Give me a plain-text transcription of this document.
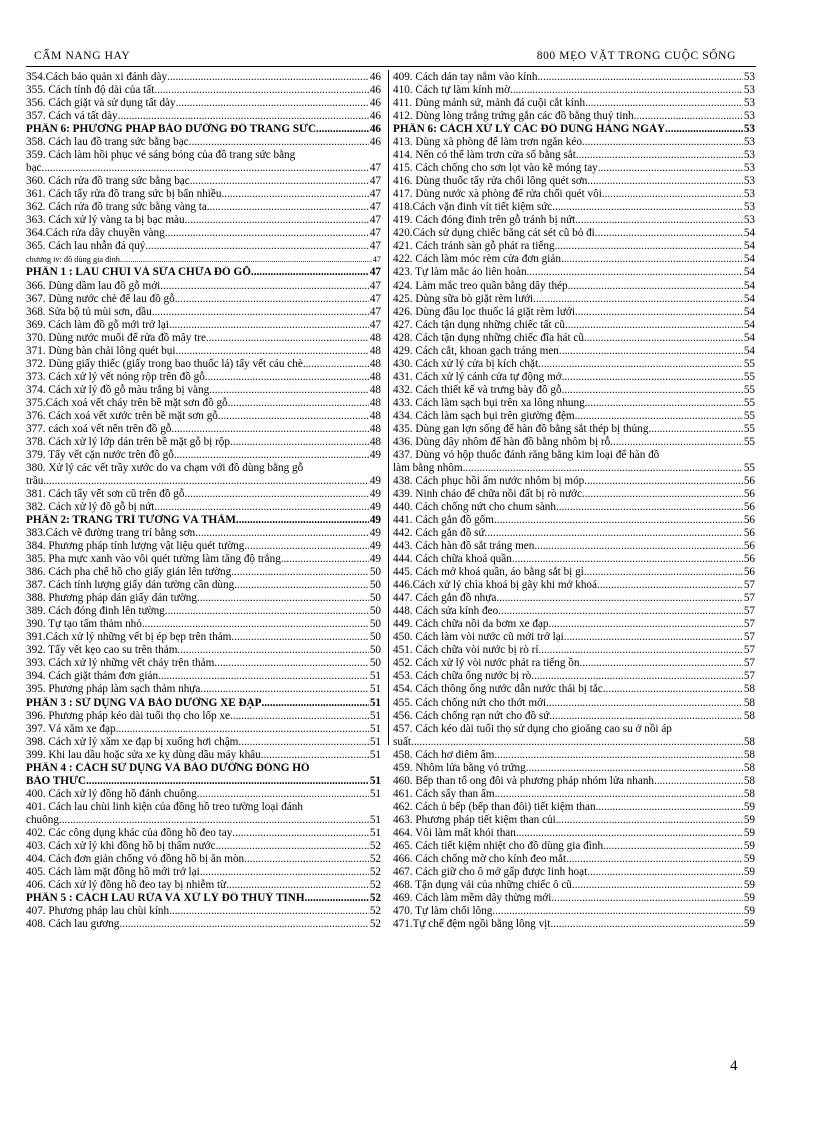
CẨM NANG HAY	800 MẸO VẶT TRONG CUỘC SỐNG
354.Cách bảo quản xi đánh dày .....	46
355. Cách tính độ dài của tất .....	46
356. Cách giặt và sử dụng tất dày .....	46
357. Cách vá tất dày .....	46
PHẦN 6: PHƯƠNG PHÁP BẢO DƯỠNG ĐỒ TRANG SỨC .....	46
358. Cách lau đồ trang sức bằng bạc .....	46
359. Cách làm hồi phục vẻ sáng bóng của đồ trang sức bằng
bạc .....	47
360. Cách rửa đồ trang sức bằng bạc .....	47
361. Cách tẩy rửa đồ trang sức bị bẩn nhiều .....	47
362. Cách rửa đồ trang sức bằng vàng ta .....	47
363. Cách xử lý vàng ta bị bạc màu .....	47
364.Cách rửa dây chuyền vàng .....	47
365. Cách lau nhẫn đá quý .....	47
chương iv: đồ dùng gia đình .....	47
PHẦN 1 : LAU CHÙI VÀ SỬA CHỮA ĐỒ GỖ .....	47
366. Dùng dầm lau đồ gỗ mới .....	47
367. Dùng nước chè để lau đồ gỗ .....	47
368. Sửa bộ tủ mùi sơn, dầu .....	47
369. Cách làm đồ gỗ mới trở lại .....	47
370. Dùng nước muối để rửa đồ mây tre .....	48
371. Dùng bàn chải lông quét bụi .....	48
372. Dùng giấy thiếc (giấy trong bao thuốc lá) tẩy vết cáu chè .....	48
373. Cách xử lý vết nóng rộp trên đồ gỗ .....	48
374. Cách xử lý đồ gỗ màu trắng bị vàng .....	48
375.Cách xoá vết cháy trên bề mặt sơn đồ gỗ .....	48
376. Cách xoá vết xước trên bề mặt sơn gỗ .....	48
377. cách xoá vết nến trên đồ gỗ .....	48
378. Cách xử lý lớp dán trên bề mặt gỗ bị rộp .....	48
379. Tẩy vết cặn nước trên đồ gỗ .....	49
380. Xử lý các vết trầy xước do va chạm với đồ dùng bằng gỗ
trầu .....	49
381. Cách tẩy vết sơn cũ trên đồ gỗ .....	49
382. Cách xử lý đồ gỗ bị nứt .....	49
PHẦN 2: TRANG TRÍ TƯỜNG VÀ THẢM .....	49
383.Cách vẽ đường trang trí bằng sơn .....	49
384. Phương pháp tính lượng vật liệu quét tường .....	49
385. Pha mực xanh vào vôi quét tường làm tăng độ trắng .....	49
386. Cách pha chế hồ cho giấy gián lên tường .....	50
387. Cách tính lượng giấy dán tường cần dùng .....	50
388. Phương pháp dán giấy dán tường .....	50
389. Cách đóng đinh lên tường .....	50
390. Tự tạo tấm thảm nhỏ .....	50
391.Cách xử lý những vết bị ép bẹp trên thảm .....	50
392. Tẩy vết kẹo cao su trên thảm .....	50
393. Cách xử lý những vết cháy trên thảm .....	50
394. Cách giặt thảm đơn giản .....	51
395. Phương pháp làm sạch thảm nhựa .....	51
PHẦN 3 : SỬ DỤNG VÀ BẢO DƯỠNG XE ĐẠP .....	51
396. Phương pháp kéo dài tuổi thọ cho lốp xe .....	51
397. Vá xăm xe đạp .....	51
398. Cách xử lý xăm xe đạp bị xuống hơi chậm .....	51
399. Khi lau dầu hoặc sửa xe kỵ dùng dầu máy khâu .....	51
PHẦN 4 : CÁCH SỬ DỤNG VÀ BẢO DƯỠNG ĐỒNG HỒ
BÁO THỨC .....	51
400. Cách xử lý đồng hồ đánh chuông .....	51
401. Cách lau chùi linh kiện của đồng hồ treo tường loại đánh
chuông .....	51
402. Các công dụng khác của đồng hồ đeo tay .....	51
403. Cách xử lý khi đồng hồ bị thấm nước .....	52
404. Cách đơn giản chống vỏ đồng hồ bị ăn mòn .....	52
405. Cách làm mặt đồng hồ mới trở lại .....	52
406. Cách xử lý đồng hồ đeo tay bị nhiễm từ .....	52
PHẦN 5 : CÁCH LAU RỬA VÀ XỬ LÝ ĐỒ THUỶ TINH .....	52
407. Phương pháp lau chùi kính .....	52
408. Cách lau gương .....	52
409. Cách dán tay nắm vào kính .....	53
410. Cách tự làm kính mờ .....	53
411. Dùng mảnh sứ, mảnh đá cuội cắt kính .....	53
412. Dùng lòng trắng trứng gắn các đồ bằng thuỷ tinh .....	53
PHẦN 6: CÁCH XỬ LÝ CÁC ĐỒ DÙNG HÀNG NGÀY .....	53
413. Dùng xà phòng để làm trơn ngăn kéo .....	53
414. Nến có thể làm trơn cửa sổ bằng sắt .....	53
415. Cách chống cho sơn lọt vào kẽ móng tay .....	53
416. Dùng thuốc tẩy rửa chổi lông quét sơn .....	53
417. Dùng nước xà phòng để rửa chổi quét vôi .....	53
418.Cách vặn đinh vít tiết kiệm sức .....	53
419. Cách đóng đinh trên gỗ tránh bị nứt .....	53
420.Cách sử dụng chiếc băng cát sét cũ bỏ đi .....	54
421. Cách tránh sàn gỗ phát ra tiếng .....	54
422. Cách làm móc rèm cửa đơn giản .....	54
423. Tự làm mắc áo liên hoàn .....	54
424. Làm mắc treo quần bằng dây thép .....	54
425. Dùng sữa bò giặt rèm lưới .....	54
426. Dùng đầu lọc thuốc lá giặt rèm lưới .....	54
427. Cách tận dụng những chiếc tất cũ .....	54
428. Cách tận dụng những chiếc đĩa hát cũ .....	54
429. Cách cắt, khoan gạch tráng men .....	54
430. Cách xử lý cửa bị kích chặt .....	55
431. Cách xử lý cánh cửa tự động mở .....	55
432. Cách thiết kế và trưng bày đồ gỗ .....	55
433. Cách làm sạch bụi trên xa lông nhung .....	55
434. Cách làm sạch bụi trên giường đệm .....	55
435. Dùng gan lợn sống để hàn đồ bằng sắt thép bị thủng .....	55
436. Dùng dây nhôm để hàn đồ bằng nhôm bị rỗ .....	55
437. Dùng vỏ hộp thuốc đánh răng bằng kim loại để hàn đồ
làm bằng nhôm .....	55
438. Cách phục hồi ấm nước nhôm bị móp .....	56
439. Ninh cháo để chữa nồi đất bị rò nước .....	56
440. Cách chống nứt cho chum sành .....	56
441. Cách gắn đồ gốm .....	56
442. Cách gắn đồ sứ .....	56
443. Cách hàn đồ sắt tráng men .....	56
444. Cách chữa khoá quần .....	56
445. Cách mở khoá quần, áo bằng sắt bị gỉ .....	56
446.Cách xử lý chìa khoá bị gãy khi mở khoá .....	57
447. Cách gắn đồ nhựa .....	57
448. Cách sửa kính đeo .....	57
449. Cách chữa nồi da bơm xe đạp .....	57
450. Cách làm vòi nước cũ mới trở lại .....	57
451. Cách chữa vòi nước bị rò rỉ .....	57
452. Cách xử lý vòi nước phát ra tiếng ồn .....	57
453. Cách chữa ống nước bị rò .....	57
454. Cách thông ống nước dẫn nước thải bị tắc .....	58
455. Cách chống nứt cho thớt mới .....	58
456. Cách chống rạn nứt cho đồ sứ .....	58
457. Cách kéo dài tuổi thọ sử dụng cho gioăng cao su ở nồi áp
suất .....	58
458. Cách hơ diêm ẩm .....	58
459. Nhôm lửa bằng vỏ trứng .....	58
460. Bếp than tổ ong đôi và phương pháp nhóm lửa nhanh .....	58
461. Cách sấy than ẩm .....	58
462. Cách ủ bếp (bếp than đôi) tiết kiệm than .....	59
463. Phương pháp tiết kiệm than củi .....	59
464. Vôi làm mất khói than .....	59
465. Cách tiết kiệm nhiệt cho đồ dùng gia đình .....	59
466. Cách chống mờ cho kính đeo mắt .....	59
467. Cách giữ cho ô mở gấp được linh hoạt .....	59
468. Tận dụng vải của những chiếc ô cũ .....	59
469. Cách làm mềm dây thừng mới .....	59
470. Tự làm chổi lông .....	59
471.Tự chế đệm ngồi bằng lông vịt .....	59
4
